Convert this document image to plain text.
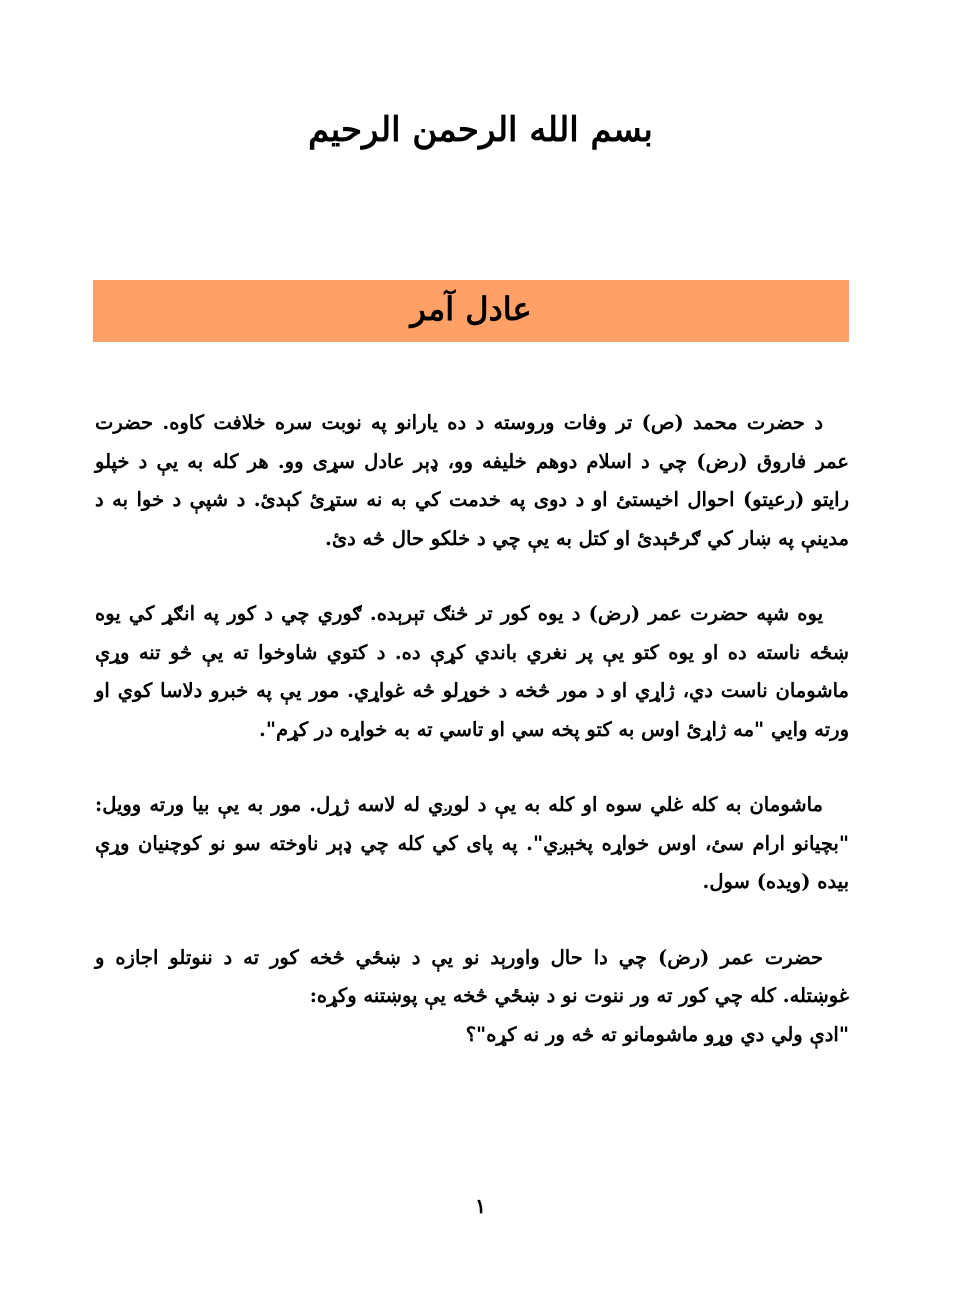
بسم الله الرحمن الرحيم
عادل آمر

د حضرت محمد (ص) تر وفات وروسته د ده يارانو په نوبت سره خلافت کاوه. حضرت عمر فاروق (رض) چي د اسلام دوهم خليفه وو، ډېر عادل سړى وو. هر کله به يې د خپلو رايتو (رعيتو) احوال اخيستئ او د دوى په خدمت کي به نه ستړئ کېدئ. د شپې د خوا به د مدينې په ښار کي ګرځېدئ او کتل به يې چي د خلکو حال څه دئ.

يوه شپه حضرت عمر (رض) د يوه کور تر څنګ تېرېده. ګوري چي د کور په انګړ کي يوه ښځه ناسته ده او يوه کتو يې پر نغري باندي کړې ده. د کتوي شاوخوا ته يې څو تنه وړې ماشومان ناست دي، ژاړي او د مور څخه د خوړلو څه غواړي. مور يې په خبرو دلاسا کوي او ورته وايي "مه ژاړئ اوس به کتو پخه سي او تاسي ته به خواړه در کړم".

ماشومان به کله غلي سوه او کله به يې د لوږي له لاسه ژړل. مور به يې بيا ورته وويل: "بچيانو ارام سئ، اوس خواړه پخېږي". په پاى کي کله چي ډېر ناوخته سو نو کوچنيان وړې بيده (ويده) سول.

حضرت عمر (رض) چي دا حال واورېد نو يې د ښځي څخه کور ته د ننوتلو اجازه و غوښتله. کله چي کور ته ور ننوت نو د ښځي څخه يې پوښتنه وکړه:
"ادې ولي دي وړو ماشومانو ته څه ور نه کړه"؟

١
